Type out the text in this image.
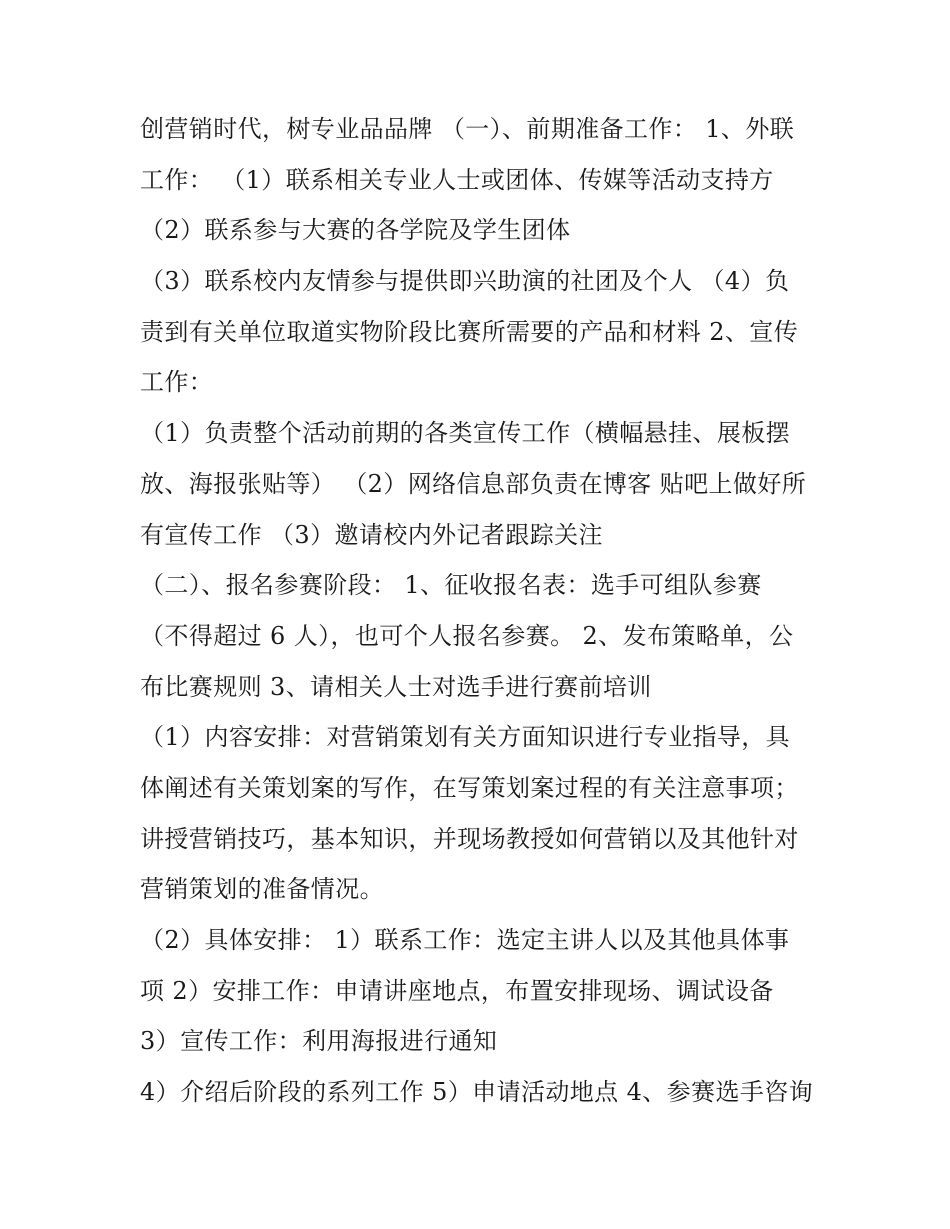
创营销时代，树专业品品牌 （一）、前期准备工作： 1、外联
工作： （1）联系相关专业人士或团体、传媒等活动支持方
（2）联系参与大赛的各学院及学生团体
（3）联系校内友情参与提供即兴助演的社团及个人 （4）负
责到有关单位取道实物阶段比赛所需要的产品和材料 2、宣传
工作：
（1）负责整个活动前期的各类宣传工作（横幅悬挂、展板摆
放、海报张贴等） （2）网络信息部负责在博客 贴吧上做好所
有宣传工作 （3）邀请校内外记者跟踪关注
（二）、报名参赛阶段： 1、征收报名表：选手可组队参赛
（不得超过 6 人），也可个人报名参赛。 2、发布策略单，公
布比赛规则 3、请相关人士对选手进行赛前培训
（1）内容安排：对营销策划有关方面知识进行专业指导，具
体阐述有关策划案的写作，在写策划案过程的有关注意事项；
讲授营销技巧，基本知识，并现场教授如何营销以及其他针对
营销策划的准备情况。
（2）具体安排： 1）联系工作：选定主讲人以及其他具体事
项 2）安排工作：申请讲座地点，布置安排现场、调试设备
3）宣传工作：利用海报进行通知
4）介绍后阶段的系列工作 5）申请活动地点 4、参赛选手咨询
